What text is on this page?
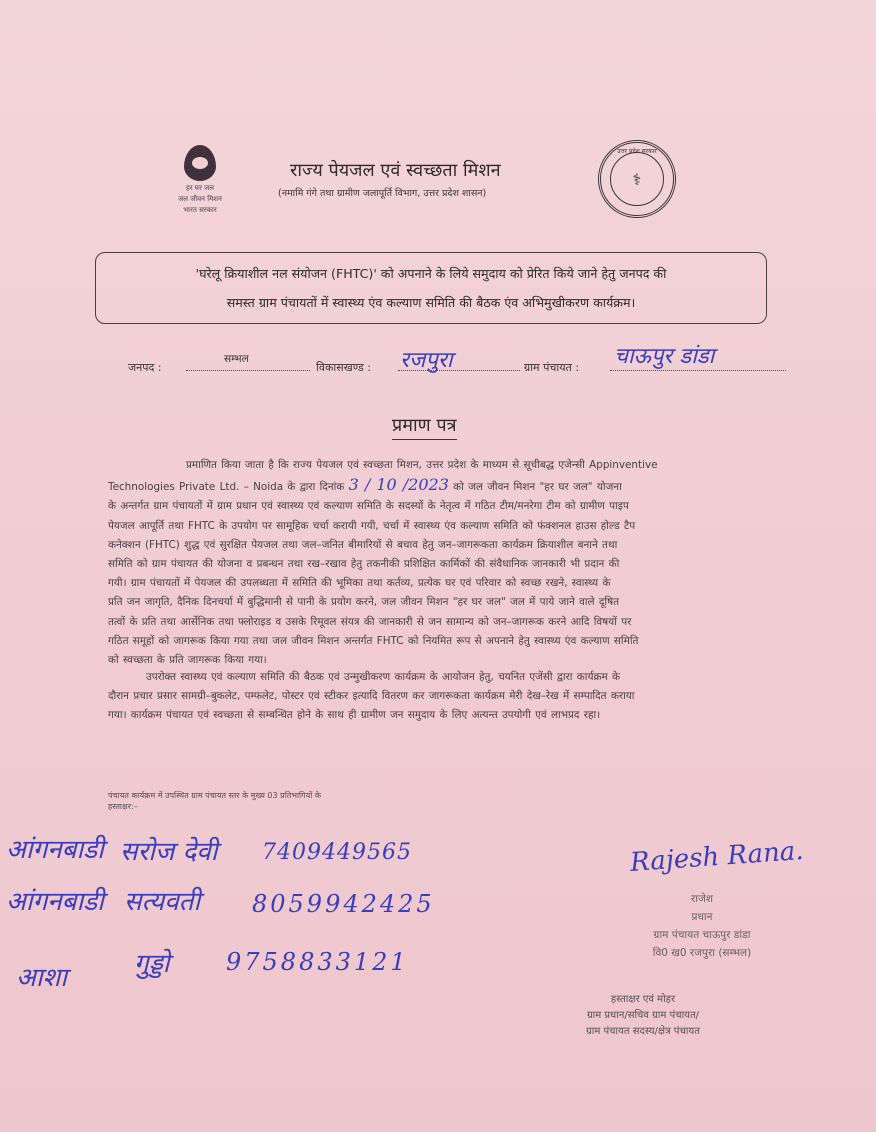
हर घर जल
जल जीवन मिशन
भारत सरकार
राज्य पेयजल एवं स्वच्छता मिशन
(नमामि गंगे तथा ग्रामीण जलापूर्ति विभाग, उत्तर प्रदेश शासन)
उत्तर प्रदेश सरकार
⚕
'घरेलू क्रियाशील नल संयोजन (FHTC)' को अपनाने के लिये समुदाय को प्रेरित किये जाने हेतु जनपद की
समस्त ग्राम पंचायतों में स्वास्थ्य एंव कल्याण समिति की बैठक एंव अभिमुखीकरण कार्यक्रम।
जनपद :
सम्भल
विकासखण्ड : रजपुरा	ग्राम पंचायत : चाऊपुर डांडा
प्रमाण पत्र
प्रमाणित किया जाता है कि राज्य पेयजल एवं स्वच्छता मिशन, उत्तर प्रदेश के माध्यम से सूचीबद्ध एजेन्सी Appinventive
Technologies Private Ltd. – Noida के द्वारा दिनांक 3 / 10 /2023 को जल जीवन मिशन "हर घर जल" योजना
के अन्तर्गत ग्राम पंचायतों में ग्राम प्रधान एवं स्वास्थ्य एवं कल्याण समिति के सदस्यों के नेतृत्व में गठित टीम/मनरेगा टीम को ग्रामीण पाइप
पेयजल आपूर्ति तथा FHTC के उपयोग पर सामूहिक चर्चा करायी गयी, चर्चा में स्वास्थ्य एंव कल्याण समिति को फंक्शनल हाउस होल्ड टैप
कनेक्शन (FHTC) शुद्ध एवं सुरक्षित पेयजल तथा जल–जनित बीमारियों से बचाव हेतु जन–जागरूकता कार्यक्रम क्रियाशील बनाने तथा
समिति को ग्राम पंचायत की योजना व प्रबन्धन तथा रख–रखाव हेतु तकनीकी प्रशिक्षित कार्मिकों की संवैधानिक जानकारी भी प्रदान की
गयी। ग्राम पंचायतों में पेयजल की उपलब्धता में समिति की भूमिका तथा कर्तव्य, प्रत्येक घर एवं परिवार को स्वच्छ रखने, स्वास्थ्य के
प्रति जन जागृति, दैनिक दिनचर्या में बुद्धिमानी से पानी के प्रयोग करने, जल जीवन मिशन "हर घर जल" जल में पाये जाने वाले दूषित
तत्वों के प्रति तथा आर्सेनिक तथा फ्लोराइड व उसके रिमूवल संयत्र की जानकारी से जन सामान्य को जन–जागरूक करने आदि विषयों पर
गठित समूहों को जागरूक किया गया तथा जल जीवन मिशन अन्तर्गत FHTC को नियमित रूप से अपनाने हेतु स्वास्थ्य एंव कल्याण समिति
को स्वच्छता के प्रति जागरूक किया गया।
उपरोक्त स्वास्थ्य एवं कल्याण समिति की बैठक एवं उन्मुखीकरण कार्यक्रम के आयोजन हेतु, चयनित एजेंसी द्वारा कार्यक्रम के
दौरान प्रचार प्रसार सामग्री–बुकलेट, पम्फलेट, पोस्टर एवं स्टीकर इत्यादि वितरण कर जागरूकता कार्यक्रम मेरी देख–रेख में सम्पादित कराया
गया। कार्यक्रम पंचायत एवं स्वच्छता से सम्बन्धित होने के साथ ही ग्रामीण जन समुदाय के लिए अत्यन्त उपयोगी एवं लाभप्रद रहा।
पंचायत कार्यक्रम में उपस्थित ग्राम पंचायत स्तर के मुख्य 03 प्रतिभागियों के
हस्ताक्षर:–
आंगनबाडी सरोज देवी 7409449565
आंगनबाडी सत्यवती 8059942425
आशा	गुड्डो 9758833121
Rajesh Rana.
राजेश
प्रधान
ग्राम पंचायत चाऊपुर डांडा
वि0 ख0 रजपुरा (सम्भल)
हस्ताक्षर एवं मोहर
ग्राम प्रधान/सचिव ग्राम पंचायत/
ग्राम पंचायत सदस्य/क्षेत्र पंचायत
